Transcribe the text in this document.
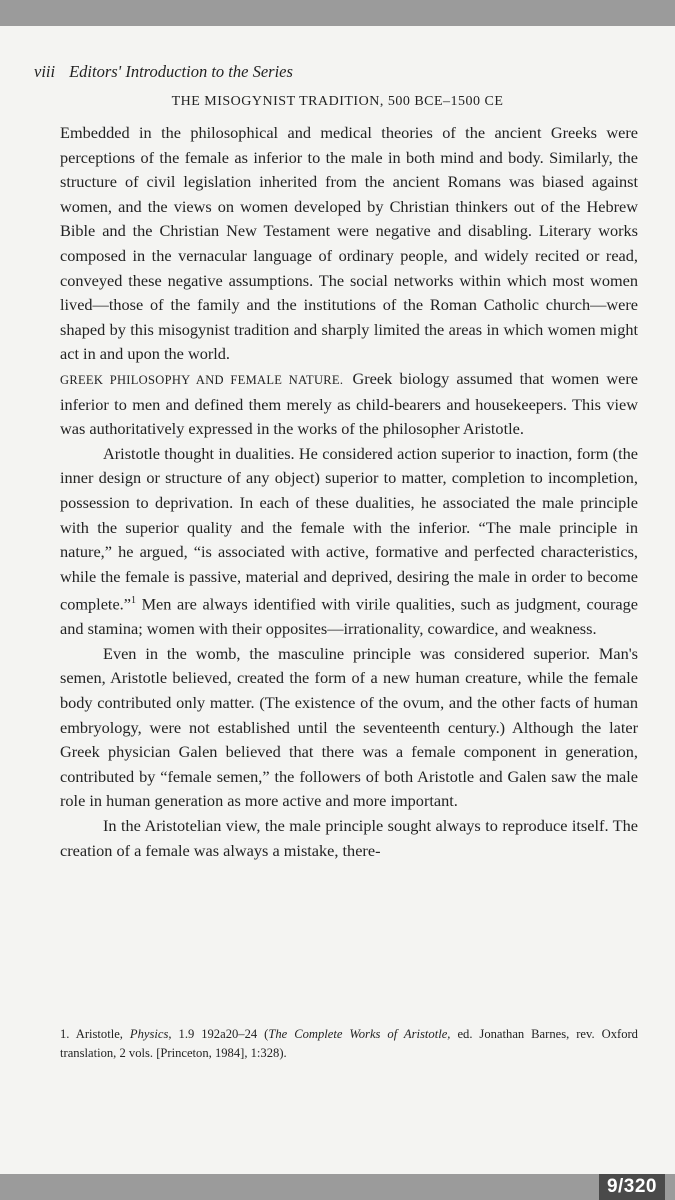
viii Editors' Introduction to the Series
THE MISOGYNIST TRADITION, 500 BCE–1500 CE

Embedded in the philosophical and medical theories of the ancient Greeks were perceptions of the female as inferior to the male in both mind and body. Similarly, the structure of civil legislation inherited from the ancient Romans was biased against women, and the views on women developed by Christian thinkers out of the Hebrew Bible and the Christian New Testament were negative and disabling. Literary works composed in the vernacular language of ordinary people, and widely recited or read, conveyed these negative assumptions. The social networks within which most women lived—those of the family and the institutions of the Roman Catholic church—were shaped by this misogynist tradition and sharply limited the areas in which women might act in and upon the world.

GREEK PHILOSOPHY AND FEMALE NATURE. Greek biology assumed that women were inferior to men and defined them merely as child-bearers and housekeepers. This view was authoritatively expressed in the works of the philosopher Aristotle.

Aristotle thought in dualities. He considered action superior to inaction, form (the inner design or structure of any object) superior to matter, completion to incompletion, possession to deprivation. In each of these dualities, he associated the male principle with the superior quality and the female with the inferior. “The male principle in nature,” he argued, “is associated with active, formative and perfected characteristics, while the female is passive, material and deprived, desiring the male in order to become complete.”$^1$ Men are always identified with virile qualities, such as judgment, courage and stamina; women with their opposites—irrationality, cowardice, and weakness.

Even in the womb, the masculine principle was considered superior. Man's semen, Aristotle believed, created the form of a new human creature, while the female body contributed only matter. (The existence of the ovum, and the other facts of human embryology, were not established until the seventeenth century.) Although the later Greek physician Galen believed that there was a female component in generation, contributed by “female semen,” the followers of both Aristotle and Galen saw the male role in human generation as more active and more important.

In the Aristotelian view, the male principle sought always to reproduce itself. The creation of a female was always a mistake, there-

1. Aristotle, Physics, 1.9 192a20–24 (The Complete Works of Aristotle, ed. Jonathan Barnes, rev. Oxford translation, 2 vols. [Princeton, 1984], 1:328).
9/320
